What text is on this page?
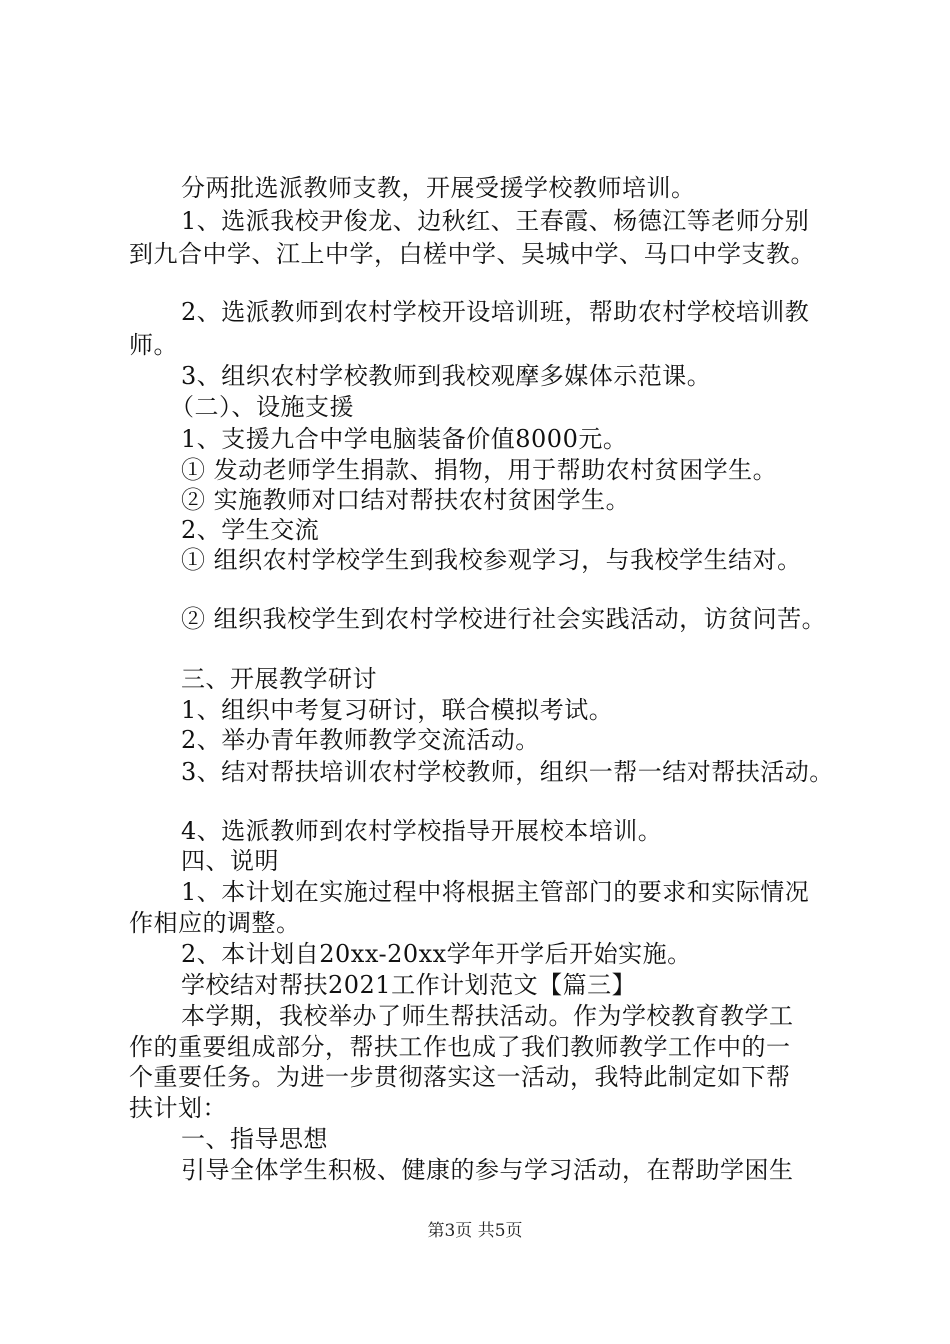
分两批选派教师支教，开展受援学校教师培训。
1、选派我校尹俊龙、边秋红、王春霞、杨德江等老师分别
到九合中学、江上中学，白槎中学、吴城中学、马口中学支教。
2、选派教师到农村学校开设培训班，帮助农村学校培训教
师。
3、组织农村学校教师到我校观摩多媒体示范课。
（二）、设施支援
1、支援九合中学电脑装备价值8000元。
① 发动老师学生捐款、捐物，用于帮助农村贫困学生。
② 实施教师对口结对帮扶农村贫困学生。
2、学生交流
① 组织农村学校学生到我校参观学习，与我校学生结对。
② 组织我校学生到农村学校进行社会实践活动，访贫问苦。
三、开展教学研讨
1、组织中考复习研讨，联合模拟考试。
2、举办青年教师教学交流活动。
3、结对帮扶培训农村学校教师，组织一帮一结对帮扶活动。
4、选派教师到农村学校指导开展校本培训。
四、说明
1、本计划在实施过程中将根据主管部门的要求和实际情况
作相应的调整。
2、本计划自20xx-20xx学年开学后开始实施。
学校结对帮扶2021工作计划范文【篇三】
本学期，我校举办了师生帮扶活动。作为学校教育教学工
作的重要组成部分，帮扶工作也成了我们教师教学工作中的一
个重要任务。为进一步贯彻落实这一活动，我特此制定如下帮
扶计划：
一、指导思想
引导全体学生积极、健康的参与学习活动，在帮助学困生
第3页 共5页
